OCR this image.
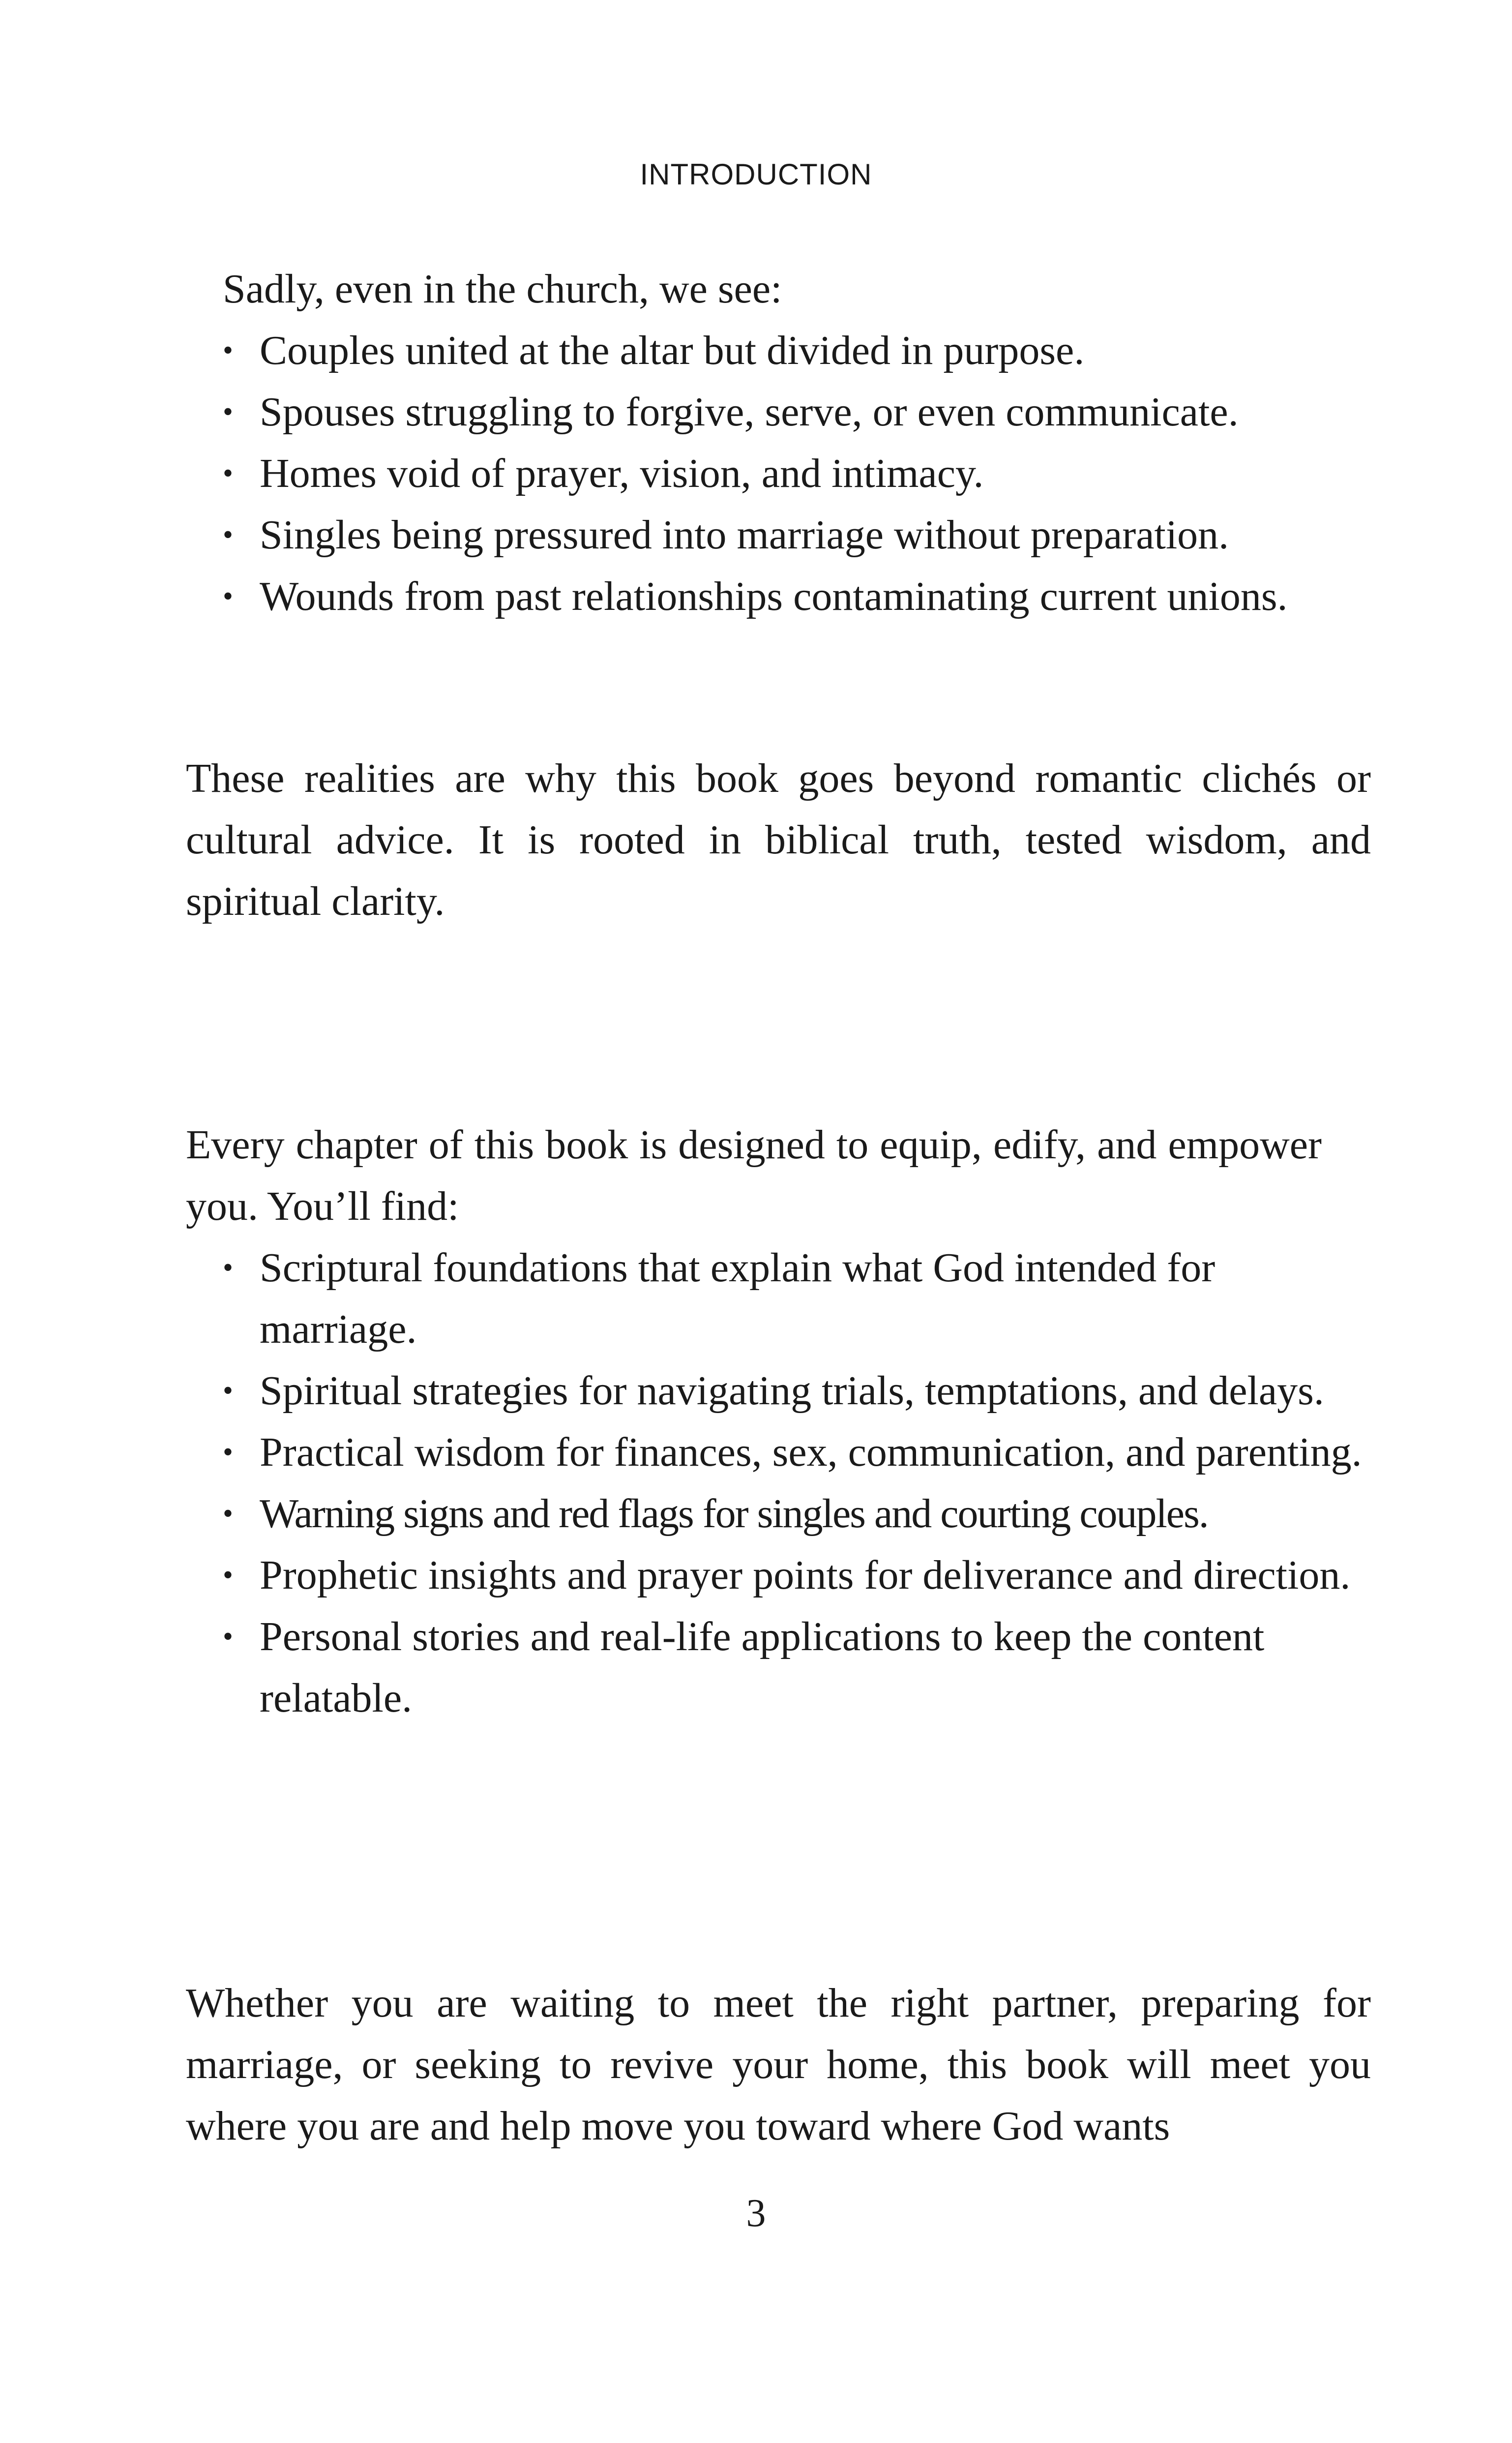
INTRODUCTION

Sadly, even in the church, we see:

• Couples united at the altar but divided in purpose.
• Spouses struggling to forgive, serve, or even communicate.
• Homes void of prayer, vision, and intimacy.
• Singles being pressured into marriage without preparation.
• Wounds from past relationships contaminating current unions.

These realities are why this book goes beyond romantic clichés or cultural advice. It is rooted in biblical truth, tested wisdom, and spiritual clarity.

Every chapter of this book is designed to equip, edify, and empower you. You’ll find:

• Scriptural foundations that explain what God intended for marriage.
• Spiritual strategies for navigating trials, temptations, and delays.
• Practical wisdom for finances, sex, communication, and parenting.
• Warning signs and red flags for singles and courting couples.
• Prophetic insights and prayer points for deliverance and direction.
• Personal stories and real-life applications to keep the content relatable.

Whether you are waiting to meet the right partner, preparing for marriage, or seeking to revive your home, this book will meet you where you are and help move you toward where God wants

3
